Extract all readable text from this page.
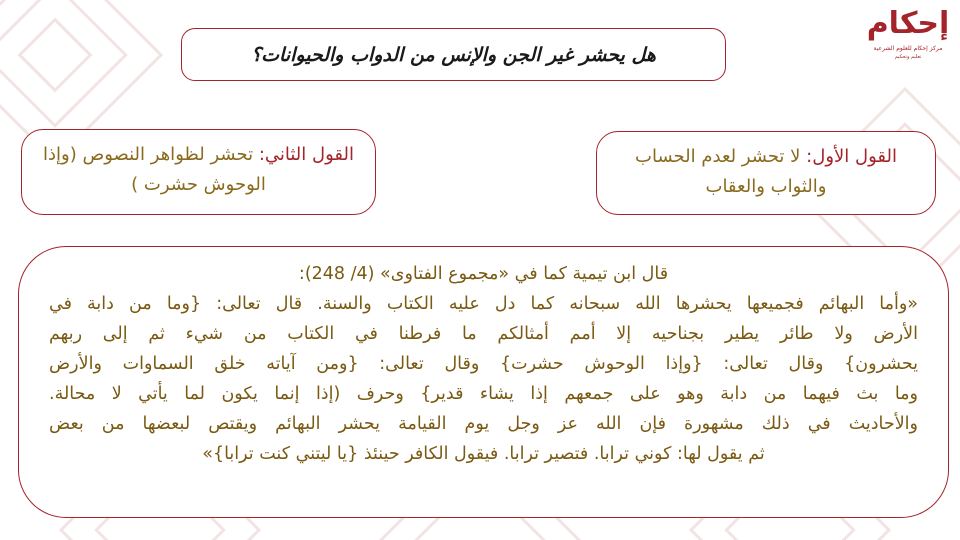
إحكام
مركز إحكام للعلوم الشرعية
تعليم وتحكيم
هل يحشر غير الجن والإنس من الدواب والحيوانات؟
القول الأول: لا تحشر لعدم الحساب والثواب والعقاب
القول الثاني: تحشر لظواهر النصوص (وإذا الوحوش حشرت )
قال ابن تيمية كما في «مجموع الفتاوى» (4/ 248):
«وأما البهائم فجميعها يحشرها الله سبحانه كما دل عليه الكتاب والسنة. قال تعالى: {وما من دابة في
الأرض ولا طائر يطير بجناحيه إلا أمم أمثالكم ما فرطنا في الكتاب من شيء ثم إلى ربهم
يحشرون} وقال تعالى: {وإذا الوحوش حشرت} وقال تعالى: {ومن آياته خلق السماوات والأرض
وما بث فيهما من دابة وهو على جمعهم إذا يشاء قدير} وحرف (إذا إنما يكون لما يأتي لا محالة.
والأحاديث في ذلك مشهورة فإن الله عز وجل يوم القيامة يحشر البهائم ويقتص لبعضها من بعض
ثم يقول لها: كوني ترابا. فتصير ترابا. فيقول الكافر حينئذ {يا ليتني كنت ترابا}»
